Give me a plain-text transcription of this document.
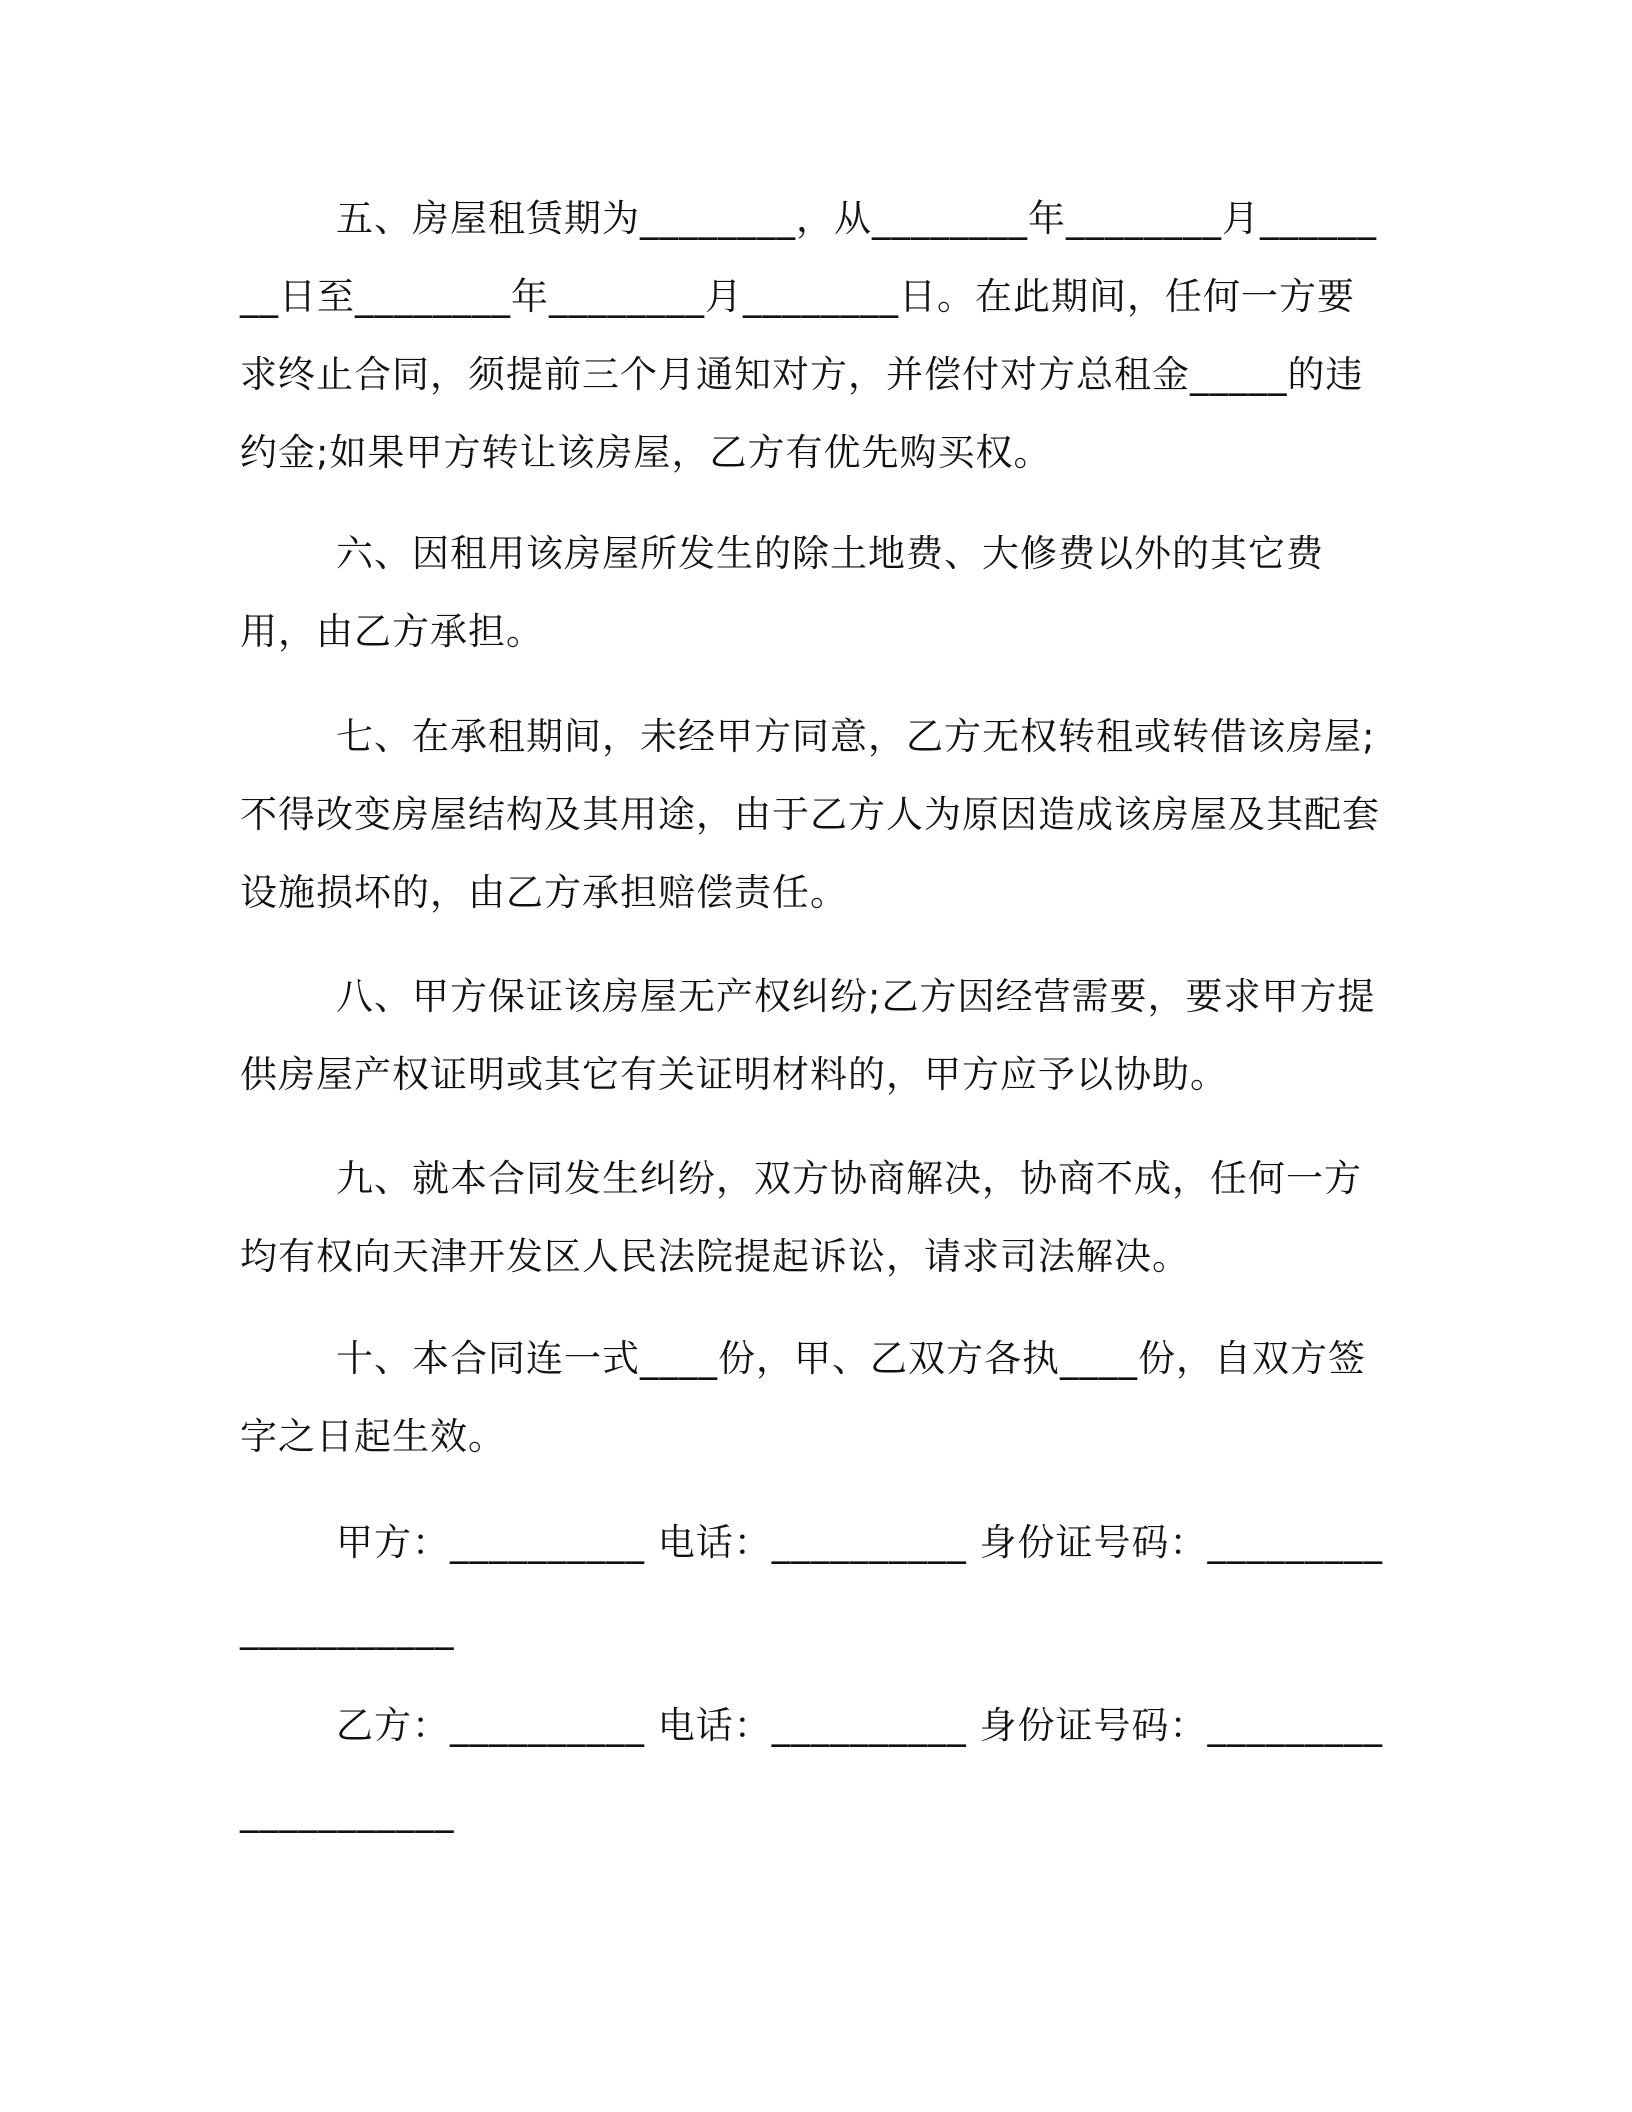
五、房屋租赁期为________，从________年________月________日至________年________月________日。在此期间，任何一方要求终止合同，须提前三个月通知对方，并偿付对方总租金_____的违约金;如果甲方转让该房屋，乙方有优先购买权。

六、因租用该房屋所发生的除土地费、大修费以外的其它费用，由乙方承担。

七、在承租期间，未经甲方同意，乙方无权转租或转借该房屋;不得改变房屋结构及其用途，由于乙方人为原因造成该房屋及其配套设施损坏的，由乙方承担赔偿责任。

八、甲方保证该房屋无产权纠纷;乙方因经营需要，要求甲方提供房屋产权证明或其它有关证明材料的，甲方应予以协助。

九、就本合同发生纠纷，双方协商解决，协商不成，任何一方均有权向天津开发区人民法院提起诉讼，请求司法解决。

十、本合同连一式____份，甲、乙双方各执____份，自双方签字之日起生效。

甲方：__________ 电话：__________ 身份证号码：____________________

乙方：__________ 电话：__________ 身份证号码：____________________
